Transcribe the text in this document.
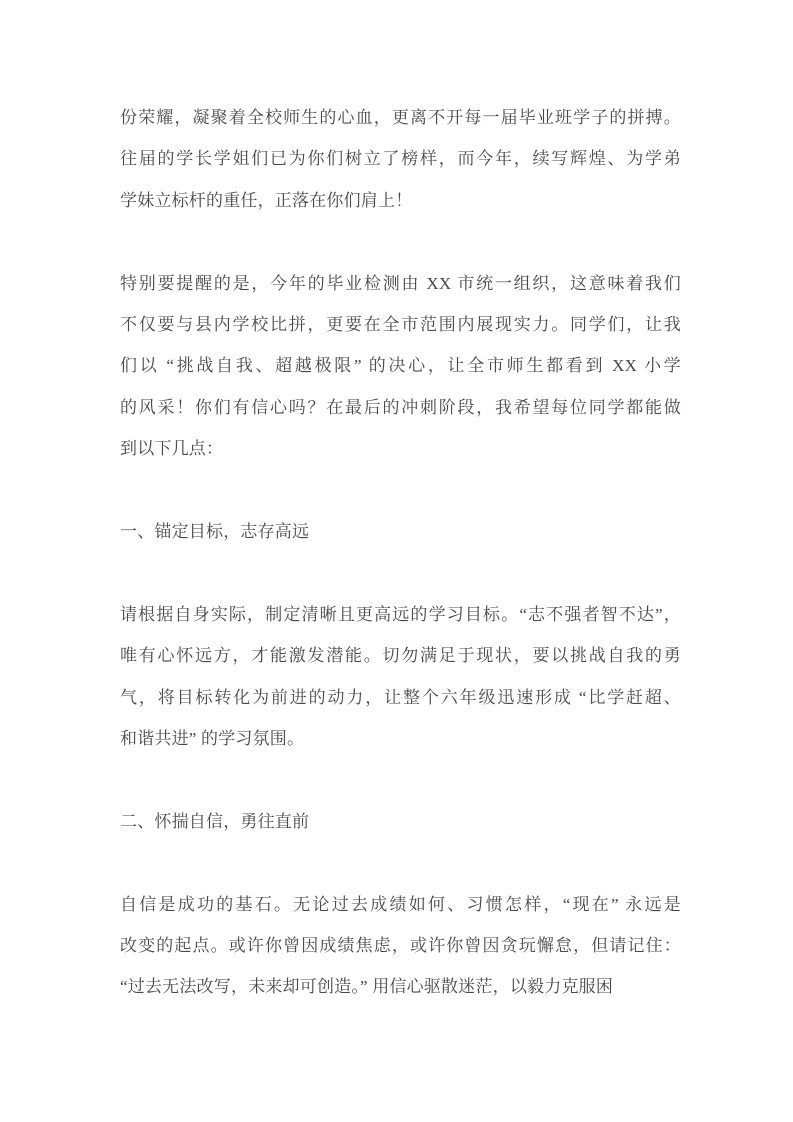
份荣耀，凝聚着全校师生的心血，更离不开每一届毕业班学子的拼搏。
往届的学长学姐们已为你们树立了榜样，而今年，续写辉煌、为学弟
学妹立标杆的重任，正落在你们肩上！
特别要提醒的是，今年的毕业检测由 XX 市统一组织，这意味着我们
不仅要与县内学校比拼，更要在全市范围内展现实力。同学们，让我
们以 “挑战自我、超越极限” 的决心，让全市师生都看到 XX 小学
的风采！你们有信心吗？在最后的冲刺阶段，我希望每位同学都能做
到以下几点：
一、锚定目标，志存高远
请根据自身实际，制定清晰且更高远的学习目标。“志不强者智不达”，
唯有心怀远方，才能激发潜能。切勿满足于现状，要以挑战自我的勇
气，将目标转化为前进的动力，让整个六年级迅速形成 “比学赶超、
和谐共进” 的学习氛围。
二、怀揣自信，勇往直前
自信是成功的基石。无论过去成绩如何、习惯怎样，“现在” 永远是
改变的起点。或许你曾因成绩焦虑，或许你曾因贪玩懈怠，但请记住：
“过去无法改写，未来却可创造。” 用信心驱散迷茫，以毅力克服困
